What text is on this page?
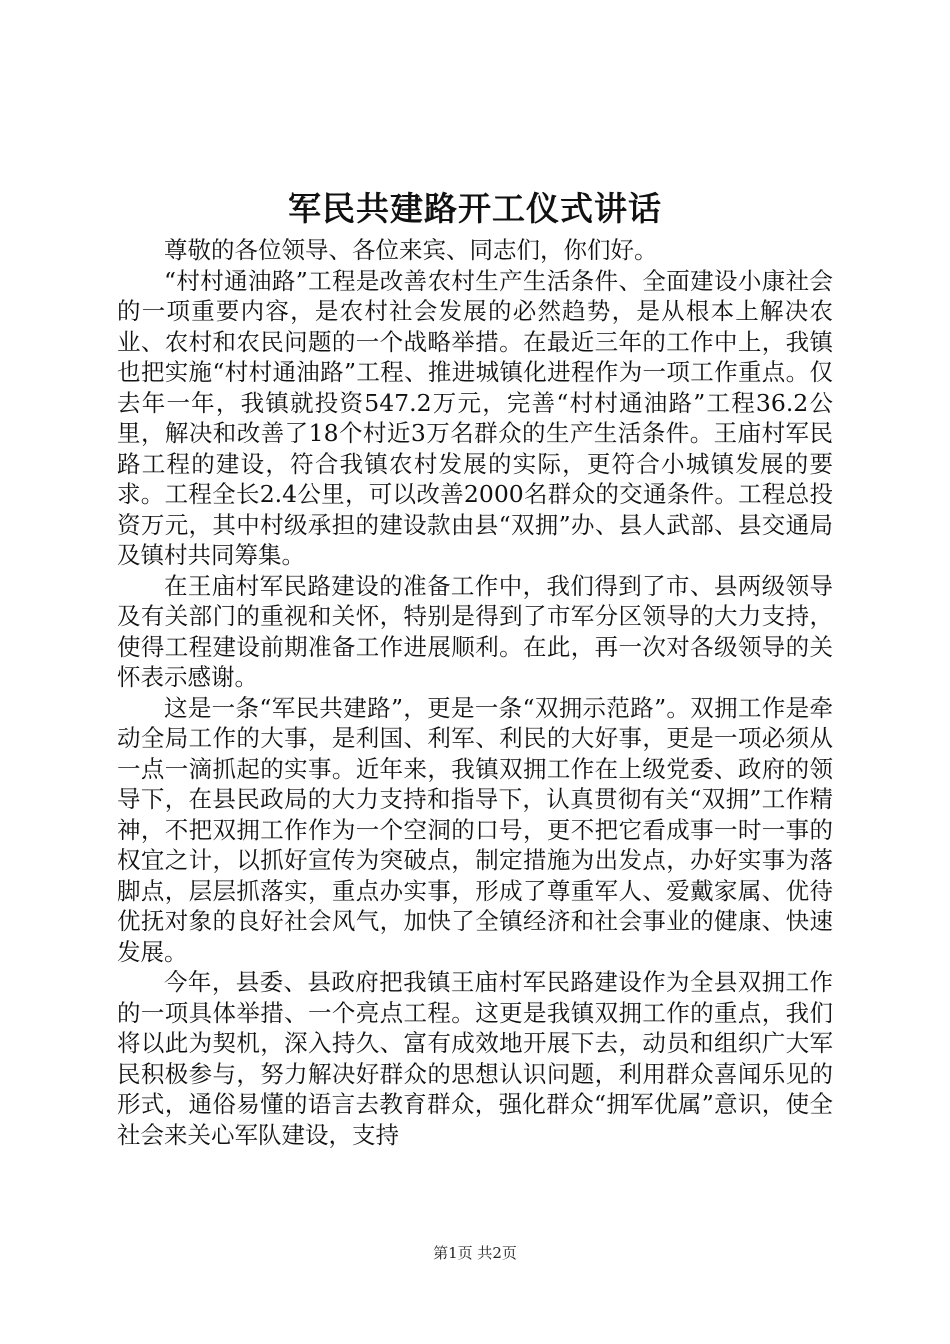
军民共建路开工仪式讲话

尊敬的各位领导、各位来宾、同志们，你们好。

“村村通油路”工程是改善农村生产生活条件、全面建设小康社会的一项重要内容，是农村社会发展的必然趋势，是从根本上解决农业、农村和农民问题的一个战略举措。在最近三年的工作中上，我镇也把实施“村村通油路”工程、推进城镇化进程作为一项工作重点。仅去年一年，我镇就投资547.2万元，完善“村村通油路”工程36.2公里，解决和改善了18个村近3万名群众的生产生活条件。王庙村军民路工程的建设，符合我镇农村发展的实际，更符合小城镇发展的要求。工程全长2.4公里，可以改善2000名群众的交通条件。工程总投资万元，其中村级承担的建设款由县“双拥”办、县人武部、县交通局及镇村共同筹集。

在王庙村军民路建设的准备工作中，我们得到了市、县两级领导及有关部门的重视和关怀，特别是得到了市军分区领导的大力支持，使得工程建设前期准备工作进展顺利。在此，再一次对各级领导的关怀表示感谢。

这是一条“军民共建路”，更是一条“双拥示范路”。双拥工作是牵动全局工作的大事，是利国、利军、利民的大好事，更是一项必须从一点一滴抓起的实事。近年来，我镇双拥工作在上级党委、政府的领导下，在县民政局的大力支持和指导下，认真贯彻有关“双拥”工作精神，不把双拥工作作为一个空洞的口号，更不把它看成事一时一事的权宜之计，以抓好宣传为突破点，制定措施为出发点，办好实事为落脚点，层层抓落实，重点办实事，形成了尊重军人、爱戴家属、优待优抚对象的良好社会风气，加快了全镇经济和社会事业的健康、快速发展。

今年，县委、县政府把我镇王庙村军民路建设作为全县双拥工作的一项具体举措、一个亮点工程。这更是我镇双拥工作的重点，我们将以此为契机，深入持久、富有成效地开展下去，动员和组织广大军民积极参与，努力解决好群众的思想认识问题，利用群众喜闻乐见的形式，通俗易懂的语言去教育群众，强化群众“拥军优属”意识，使全社会来关心军队建设，支持

第1页 共2页
